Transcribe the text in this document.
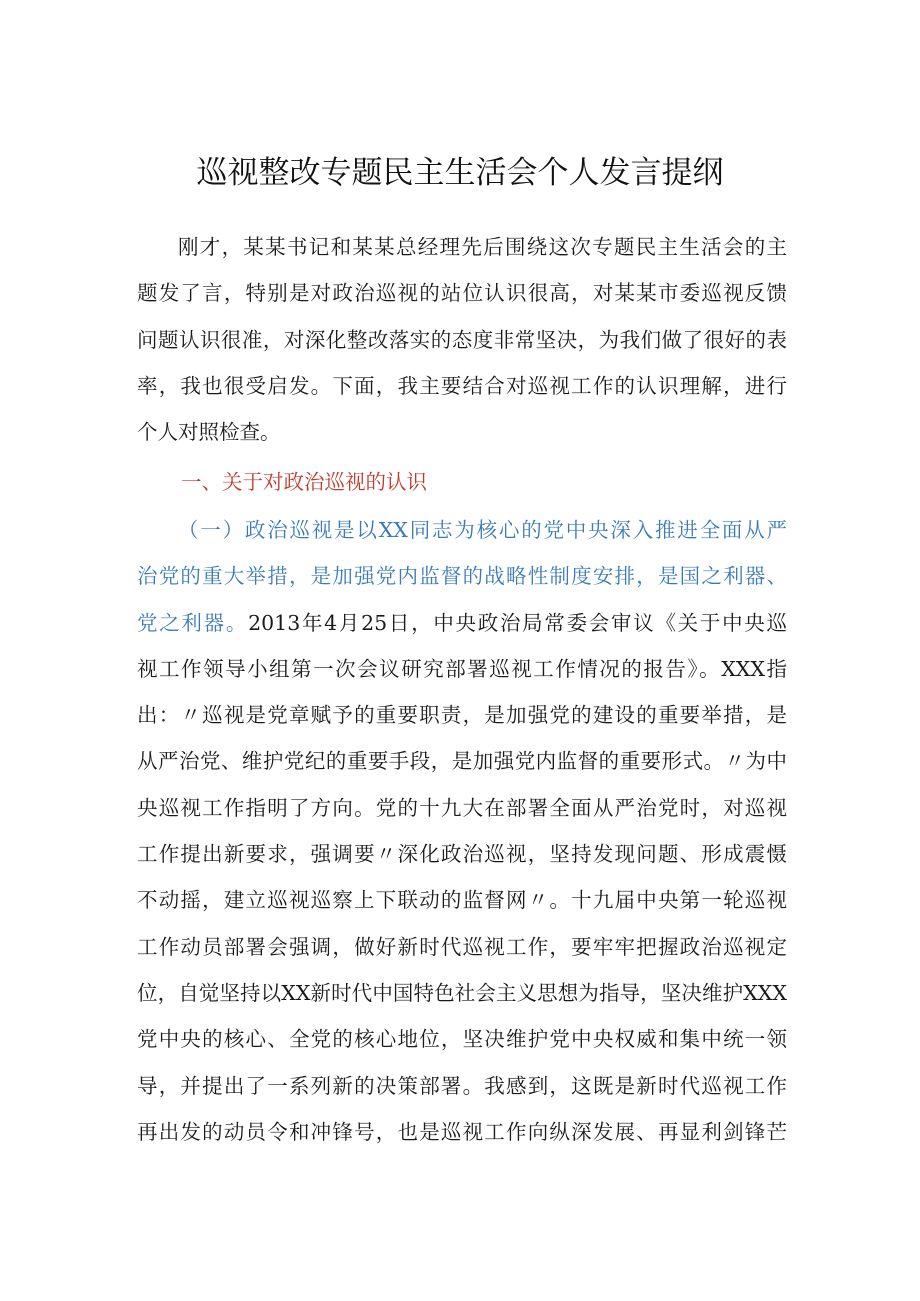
巡视整改专题民主生活会个人发言提纲
刚才，某某书记和某某总经理先后围绕这次专题民主生活会的主
题发了言，特别是对政治巡视的站位认识很高，对某某市委巡视反馈
问题认识很准，对深化整改落实的态度非常坚决，为我们做了很好的表
率，我也很受启发。下面，我主要结合对巡视工作的认识理解，进行
个人对照检查。
一、关于对政治巡视的认识
（一）政治巡视是以XX同志为核心的党中央深入推进全面从严
治党的重大举措，是加强党内监督的战略性制度安排，是国之利器、
党之利器。2013年4月25日，中央政治局常委会审议《关于中央巡
视工作领导小组第一次会议研究部署巡视工作情况的报告》。XXX指
出：〃巡视是党章赋予的重要职责，是加强党的建设的重要举措，是
从严治党、维护党纪的重要手段，是加强党内监督的重要形式。〃为中
央巡视工作指明了方向。党的十九大在部署全面从严治党时，对巡视
工作提出新要求，强调要〃深化政治巡视，坚持发现问题、形成震慑
不动摇，建立巡视巡察上下联动的监督网〃。十九届中央第一轮巡视
工作动员部署会强调，做好新时代巡视工作，要牢牢把握政治巡视定
位，自觉坚持以XX新时代中国特色社会主义思想为指导，坚决维护XXX
党中央的核心、全党的核心地位，坚决维护党中央权威和集中统一领
导，并提出了一系列新的决策部署。我感到，这既是新时代巡视工作
再出发的动员令和冲锋号，也是巡视工作向纵深发展、再显利剑锋芒
